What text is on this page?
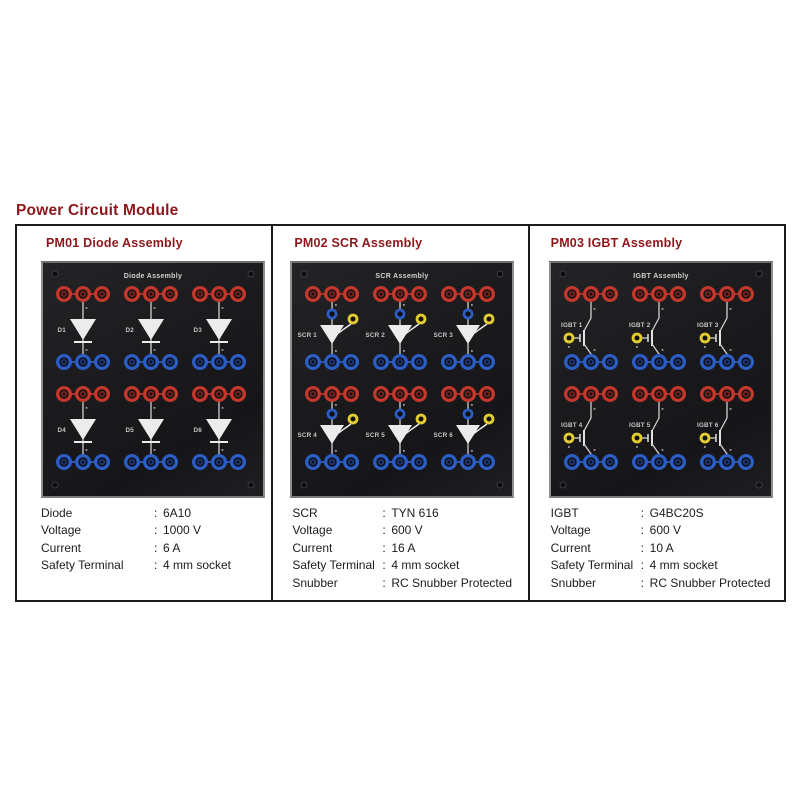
Power Circuit Module
PM01 Diode Assembly
Diode Assembly
D1	D2	D3
D4	D5	D6
Diode	: 6A10
Voltage	: 1000 V
Current	: 6 A
Safety Terminal	: 4 mm socket
PM02 SCR Assembly
SCR Assembly
SCR 1	SCR 2	SCR 3
SCR 4	SCR 5	SCR 6
SCR	: TYN 616
Voltage	: 600 V
Current	: 16 A
Safety Terminal : 4 mm socket
Snubber	: RC Snubber Protected
PM03 IGBT Assembly
IGBT Assembly
IGBT 1	IGBT 2	IGBT 3
IGBT 4	IGBT 5	IGBT 6
IGBT	: G4BC20S
Voltage	: 600 V
Current	: 10 A
Safety Terminal : 4 mm socket
Snubber	: RC Snubber Protected
